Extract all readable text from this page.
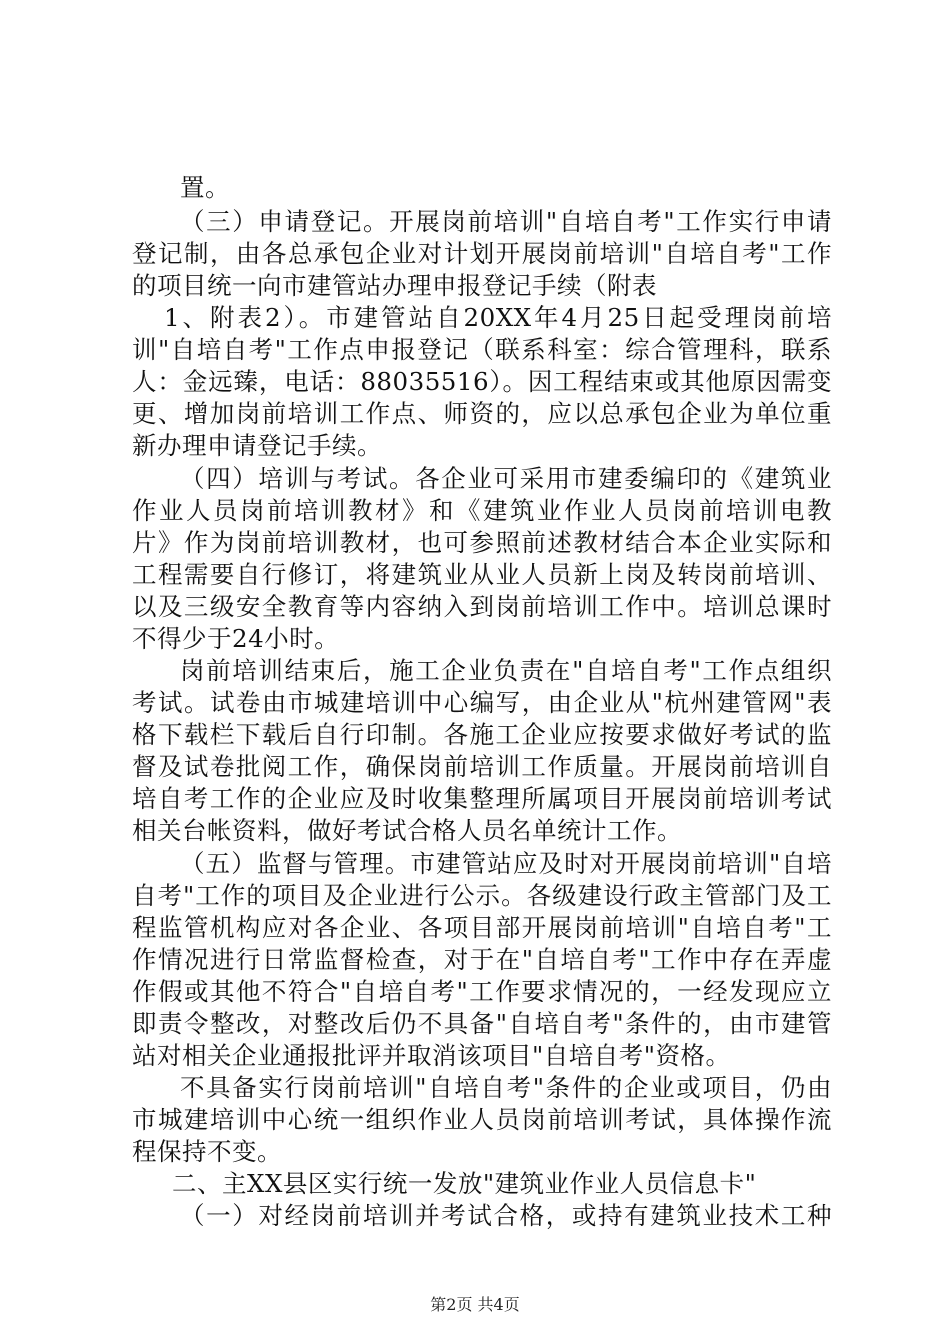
置。
（三）申请登记。开展岗前培训"自培自考"工作实行申请
登记制，由各总承包企业对计划开展岗前培训"自培自考"工作
的项目统一向市建管站办理申报登记手续（附表
1、附表2）。市建管站自20XX年4月25日起受理岗前培
训"自培自考"工作点申报登记（联系科室：综合管理科，联系
人：金远臻，电话：88035516）。因工程结束或其他原因需变
更、增加岗前培训工作点、师资的，应以总承包企业为单位重
新办理申请登记手续。
（四）培训与考试。各企业可采用市建委编印的《建筑业
作业人员岗前培训教材》和《建筑业作业人员岗前培训电教
片》作为岗前培训教材，也可参照前述教材结合本企业实际和
工程需要自行修订，将建筑业从业人员新上岗及转岗前培训、
以及三级安全教育等内容纳入到岗前培训工作中。培训总课时
不得少于24小时。
岗前培训结束后，施工企业负责在"自培自考"工作点组织
考试。试卷由市城建培训中心编写，由企业从"杭州建管网"表
格下载栏下载后自行印制。各施工企业应按要求做好考试的监
督及试卷批阅工作，确保岗前培训工作质量。开展岗前培训自
培自考工作的企业应及时收集整理所属项目开展岗前培训考试
相关台帐资料，做好考试合格人员名单统计工作。
（五）监督与管理。市建管站应及时对开展岗前培训"自培
自考"工作的项目及企业进行公示。各级建设行政主管部门及工
程监管机构应对各企业、各项目部开展岗前培训"自培自考"工
作情况进行日常监督检查，对于在"自培自考"工作中存在弄虚
作假或其他不符合"自培自考"工作要求情况的，一经发现应立
即责令整改，对整改后仍不具备"自培自考"条件的，由市建管
站对相关企业通报批评并取消该项目"自培自考"资格。
不具备实行岗前培训"自培自考"条件的企业或项目，仍由
市城建培训中心统一组织作业人员岗前培训考试，具体操作流
程保持不变。
二、主XX县区实行统一发放"建筑业作业人员信息卡"
（一）对经岗前培训并考试合格，或持有建筑业技术工种
第2页 共4页
